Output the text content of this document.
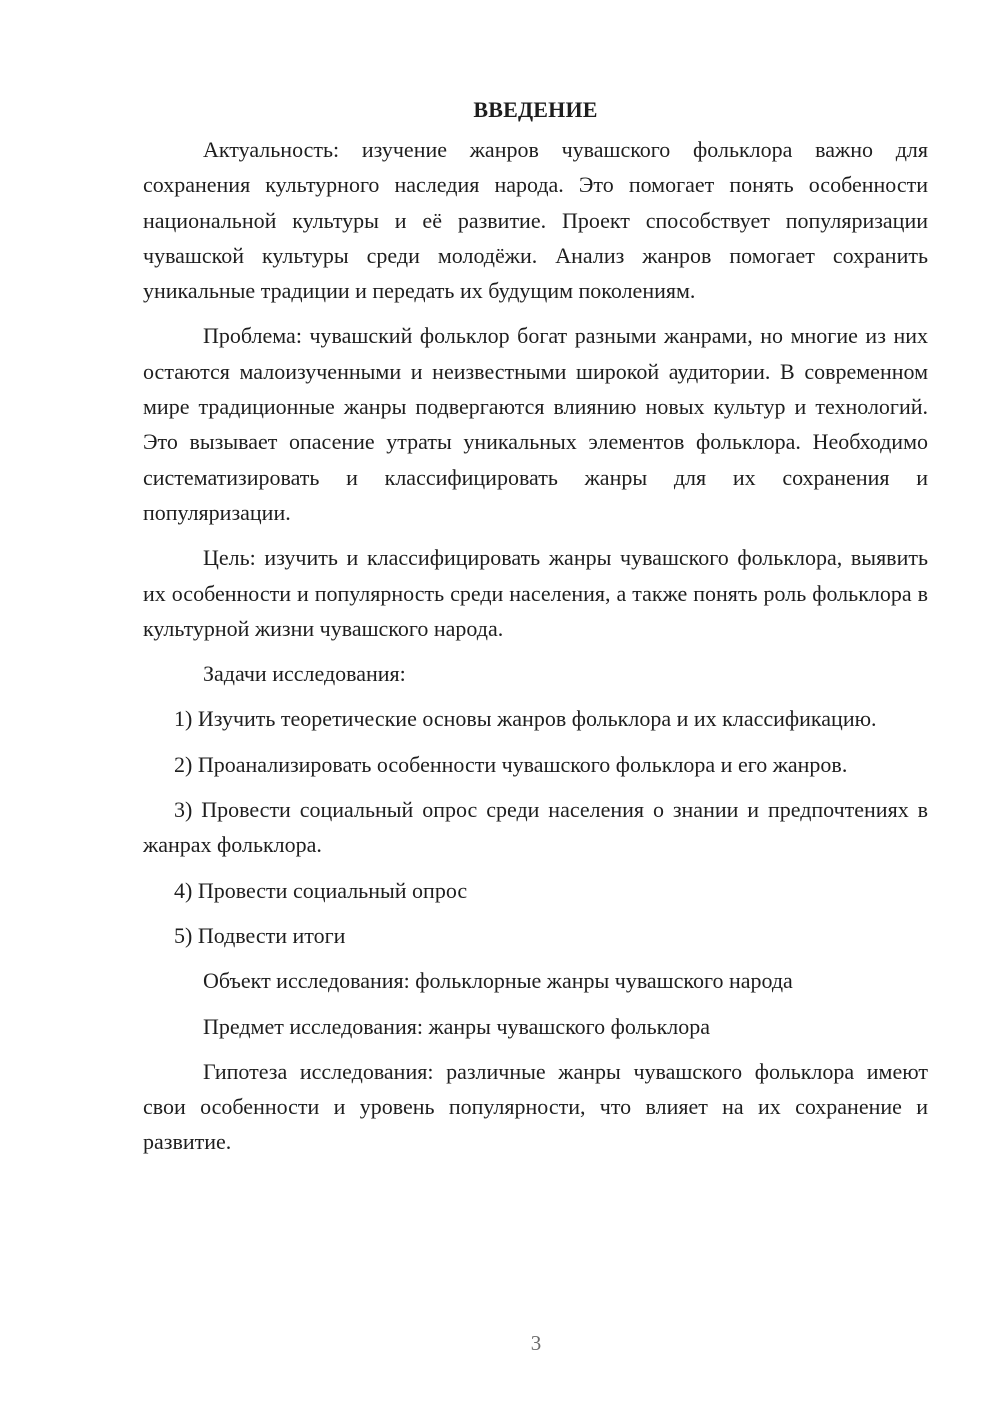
ВВЕДЕНИЕ

Актуальность: изучение жанров чувашского фольклора важно для сохранения культурного наследия народа. Это помогает понять особенности национальной культуры и её развитие. Проект способствует популяризации чувашской культуры среди молодёжи. Анализ жанров помогает сохранить уникальные традиции и передать их будущим поколениям.

Проблема: чувашский фольклор богат разными жанрами, но многие из них остаются малоизученными и неизвестными широкой аудитории. В современном мире традиционные жанры подвергаются влиянию новых культур и технологий. Это вызывает опасение утраты уникальных элементов фольклора. Необходимо систематизировать и классифицировать жанры для их сохранения и популяризации.

Цель: изучить и классифицировать жанры чувашского фольклора, выявить их особенности и популярность среди населения, а также понять роль фольклора в культурной жизни чувашского народа.

Задачи исследования:

1) Изучить теоретические основы жанров фольклора и их классификацию.

2) Проанализировать особенности чувашского фольклора и его жанров.

3) Провести социальный опрос среди населения о знании и предпочтениях в жанрах фольклора.

4) Провести социальный опрос

5) Подвести итоги

Объект исследования: фольклорные жанры чувашского народа

Предмет исследования: жанры чувашского фольклора

Гипотеза исследования: различные жанры чувашского фольклора имеют свои особенности и уровень популярности, что влияет на их сохранение и развитие.

3
